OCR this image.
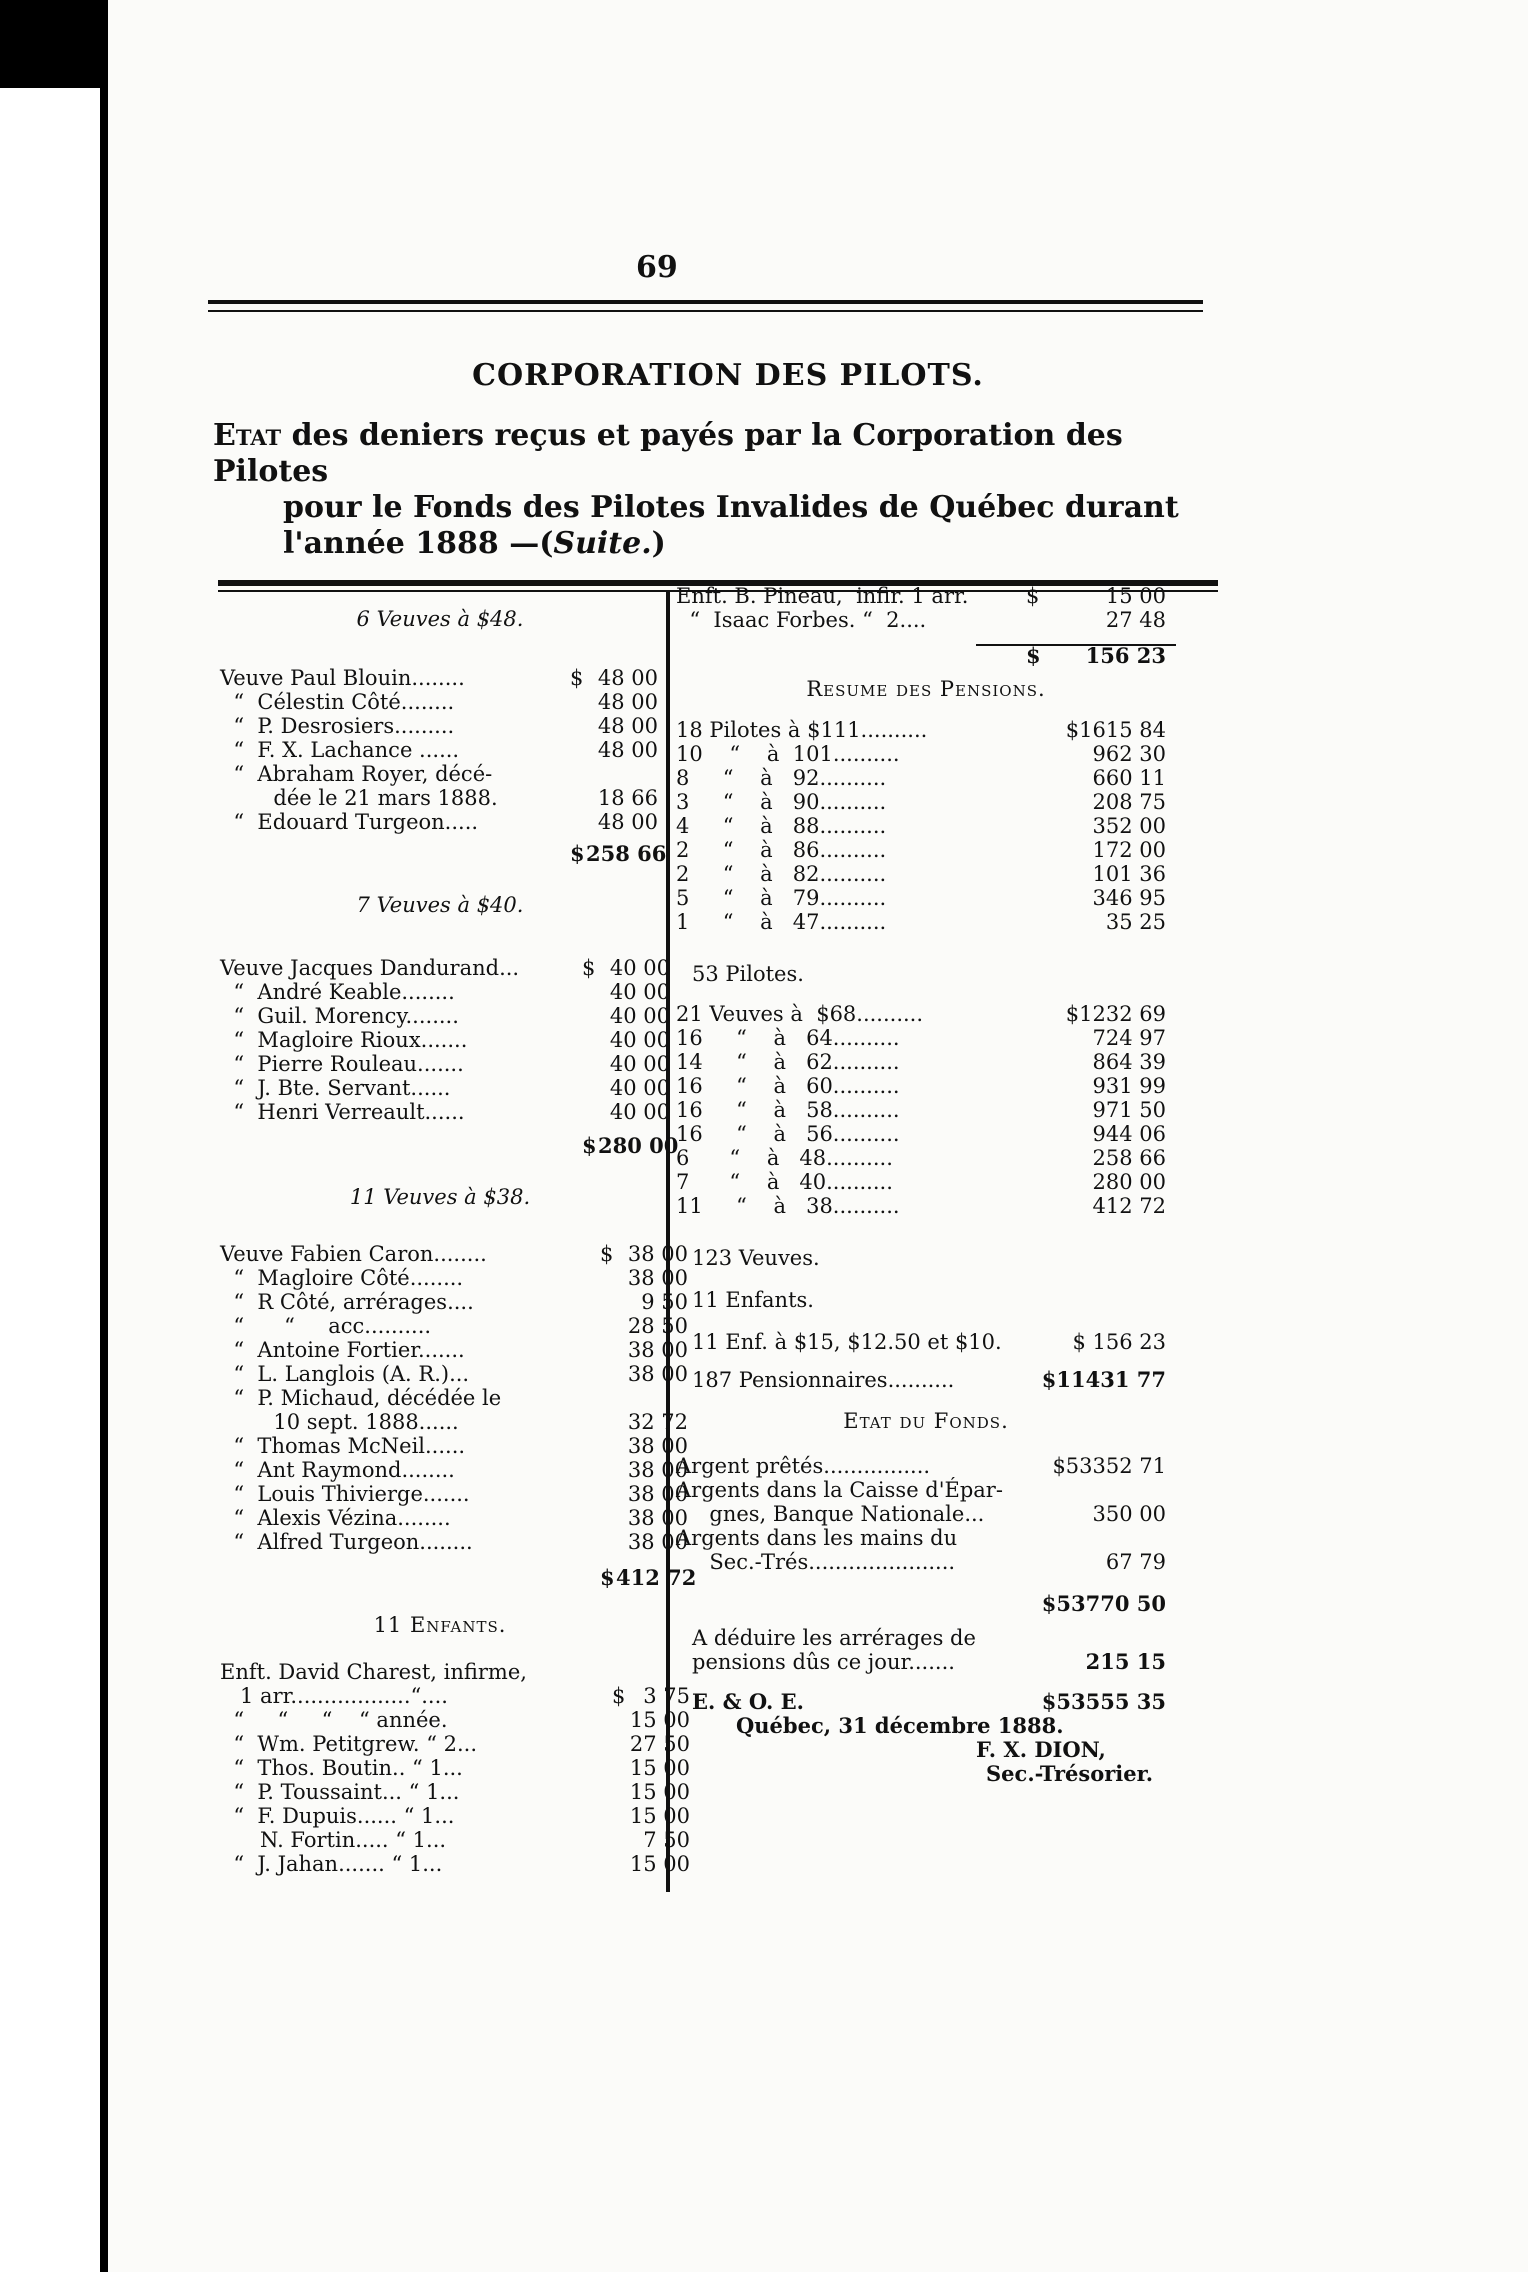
69
CORPORATION DES PILOTS.
Etat des deniers reçus et payés par la Corporation des Pilotes
pour le Fonds des Pilotes Invalides de Québec durant
l'année 1888 —(Suite.)
6 Veuves à $48.
Veuve Paul Blouin........	$ 48 00
“  Célestin Côté........	48 00
“  P. Desrosiers.........	48 00
“  F. X. Lachance ......	48 00
“  Abraham Royer, décé-
dée le 21 mars 1888.	18 66
“  Edouard Turgeon.....	48 00
$ 258 66
7 Veuves à $40.
Veuve Jacques Dandurand...	$ 40 00
“  André Keable........	40 00
“  Guil. Morency........	40 00
“  Magloire Rioux.......	40 00
“  Pierre Rouleau.......	40 00
“  J. Bte. Servant......	40 00
“  Henri Verreault......	40 00
$ 280 00
11 Veuves à $38.
Veuve Fabien Caron........	$ 38 00
“  Magloire Côté........	38 00
“  R Côté, arrérages....	9 50
“      “     acc..........	28 50
“  Antoine Fortier.......	38 00
“  L. Langlois (A. R.)...	38 00
“  P. Michaud, décédée le
10 sept. 1888......	32 72
“  Thomas McNeil......	38 00
“  Ant Raymond........	38 00
“  Louis Thivierge.......	38 00
“  Alexis Vézina........	38 00
“  Alfred Turgeon........	38 00
$ 412 72
11 Enfants.
Enft. David Charest, infirme,
1 arr..................“....	$ 3 75
“     “     “    “ année.	15 00
“  Wm. Petitgrew. “ 2...	27 50
“  Thos. Boutin.. “ 1...	15 00
“  P. Toussaint... “ 1...	15 00
“  F. Dupuis...... “ 1...	15 00
N. Fortin..... “ 1...	7 50
“  J. Jahan....... “ 1...	15 00
Enft. B. Pineau,  infir. 1 arr.	$	15 00
“  Isaac Forbes. “  2....	27 48
$	156 23
Resume des Pensions.
18 Pilotes à $111..........	$1615 84
10    “    à  101..........	962 30
8     “    à   92..........	660 11
3     “    à   90..........	208 75
4     “    à   88..........	352 00
2     “    à   86..........	172 00
2     “    à   82..........	101 36
5     “    à   79..........	346 95
1     “    à   47..........	35 25
53 Pilotes.
21 Veuves à  $68..........	$1232 69
16     “    à   64..........	724 97
14     “    à   62..........	864 39
16     “    à   60..........	931 99
16     “    à   58..........	971 50
16     “    à   56..........	944 06
6      “    à   48..........	258 66
7      “    à   40..........	280 00
11     “    à   38..........	412 72
123 Veuves.
11 Enfants.
11 Enf. à $15, $12.50 et $10.	$ 156 23
187 Pensionnaires..........	$11431 77
Etat du Fonds.
Argent prêtés................	$53352 71
Argents dans la Caisse d'Épar-
gnes, Banque Nationale...	350 00
Argents dans les mains du
Sec.-Trés......................	67 79
$53770 50
A déduire les arrérages de
pensions dûs ce jour.......	215 15
E. & O. E.	$53555 35
Québec, 31 décembre 1888.
F. X. DION,
Sec.-Trésorier.
